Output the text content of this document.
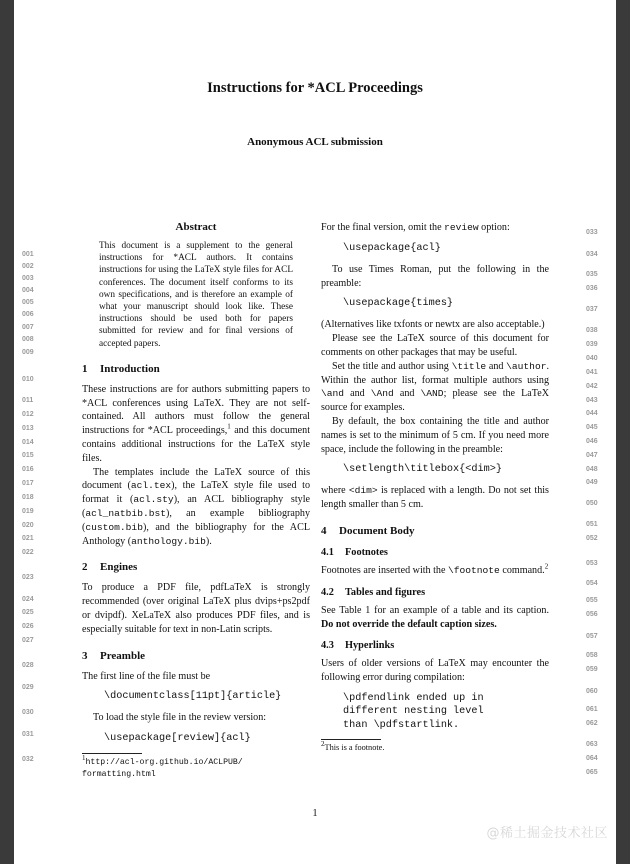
Instructions for *ACL Proceedings
Anonymous ACL submission
Abstract

This document is a supplement to the general instructions for *ACL authors. It contains instructions for using the LaTeX style files for ACL conferences. The document itself conforms to its own specifications, and is therefore an example of what your manuscript should look like. These instructions should be used both for papers submitted for review and for final versions of accepted papers.

1 Introduction

These instructions are for authors submitting papers to *ACL conferences using LaTeX. They are not self-contained. All authors must follow the general instructions for *ACL proceedings,$^1$ and this document contains additional instructions for the LaTeX style files.

The templates include the LaTeX source of this document (acl.tex), the LaTeX style file used to format it (acl.sty), an ACL bibliography style (acl_natbib.bst), an example bibliography (custom.bib), and the bibliography for the ACL Anthology (anthology.bib).

2 Engines

To produce a PDF file, pdfLaTeX is strongly recommended (over original LaTeX plus dvips+ps2pdf or dvipdf). XeLaTeX also produces PDF files, and is especially suitable for text in non-Latin scripts.

3 Preamble

The first line of the file must be

\documentclass[11pt]{article}

To load the style file in the review version:

\usepackage[review]{acl}
$^1$http://acl-org.github.io/ACLPUB/
formatting.html

For the final version, omit the review option:

\usepackage{acl}

To use Times Roman, put the following in the preamble:

\usepackage{times}

(Alternatives like txfonts or newtx are also acceptable.)

Please see the LaTeX source of this document for comments on other packages that may be useful.

Set the title and author using \title and \author. Within the author list, format multiple authors using \and and \And and \AND; please see the LaTeX source for examples.

By default, the box containing the title and author names is set to the minimum of 5 cm. If you need more space, include the following in the preamble:

\setlength\titlebox{<dim>}

where <dim> is replaced with a length. Do not set this length smaller than 5 cm.

4 Document Body
4.1 Footnotes

Footnotes are inserted with the \footnote command.$^2$

4.2 Tables and figures

See Table 1 for an example of a table and its caption. Do not override the default caption sizes.

4.3 Hyperlinks

Users of older versions of LaTeX may encounter the following error during compilation:

\pdfendlink ended up in
different nesting level
than \pdfstartlink.
$^2$This is a footnote.
001
002
003
004
005
006
007
008
009
010
011
012
013
014
015
016
017
018
019
020
021
022
023
024
025
026
027
028
029
030
031
032
033
034
035
036
037
038
039
040
041
042
043
044
045
046
047
048
049
050
051
052
053
054
055
056
057
058
059
060
061
062
063
064
065
1
@稀土掘金技术社区
